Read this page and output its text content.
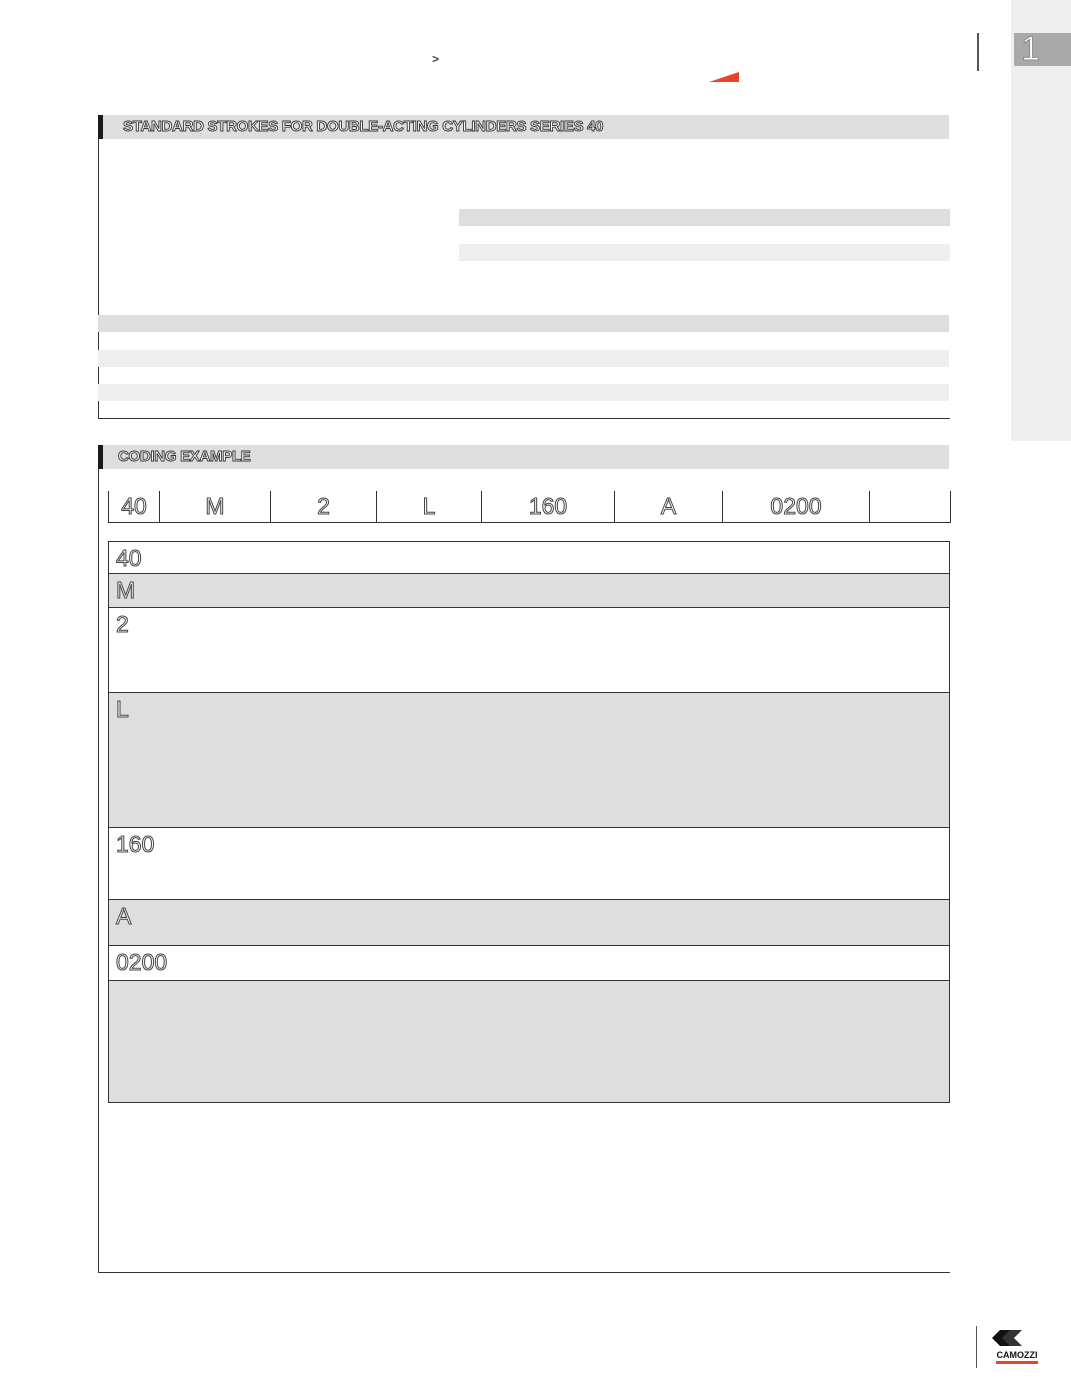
1
>
STANDARD STROKES FOR DOUBLE-ACTING CYLINDERS SERIES 40
CODING EXAMPLE
40	M	2	L	160	A	0200
40
M
2
L
160
A
0200
CAMOZZI
